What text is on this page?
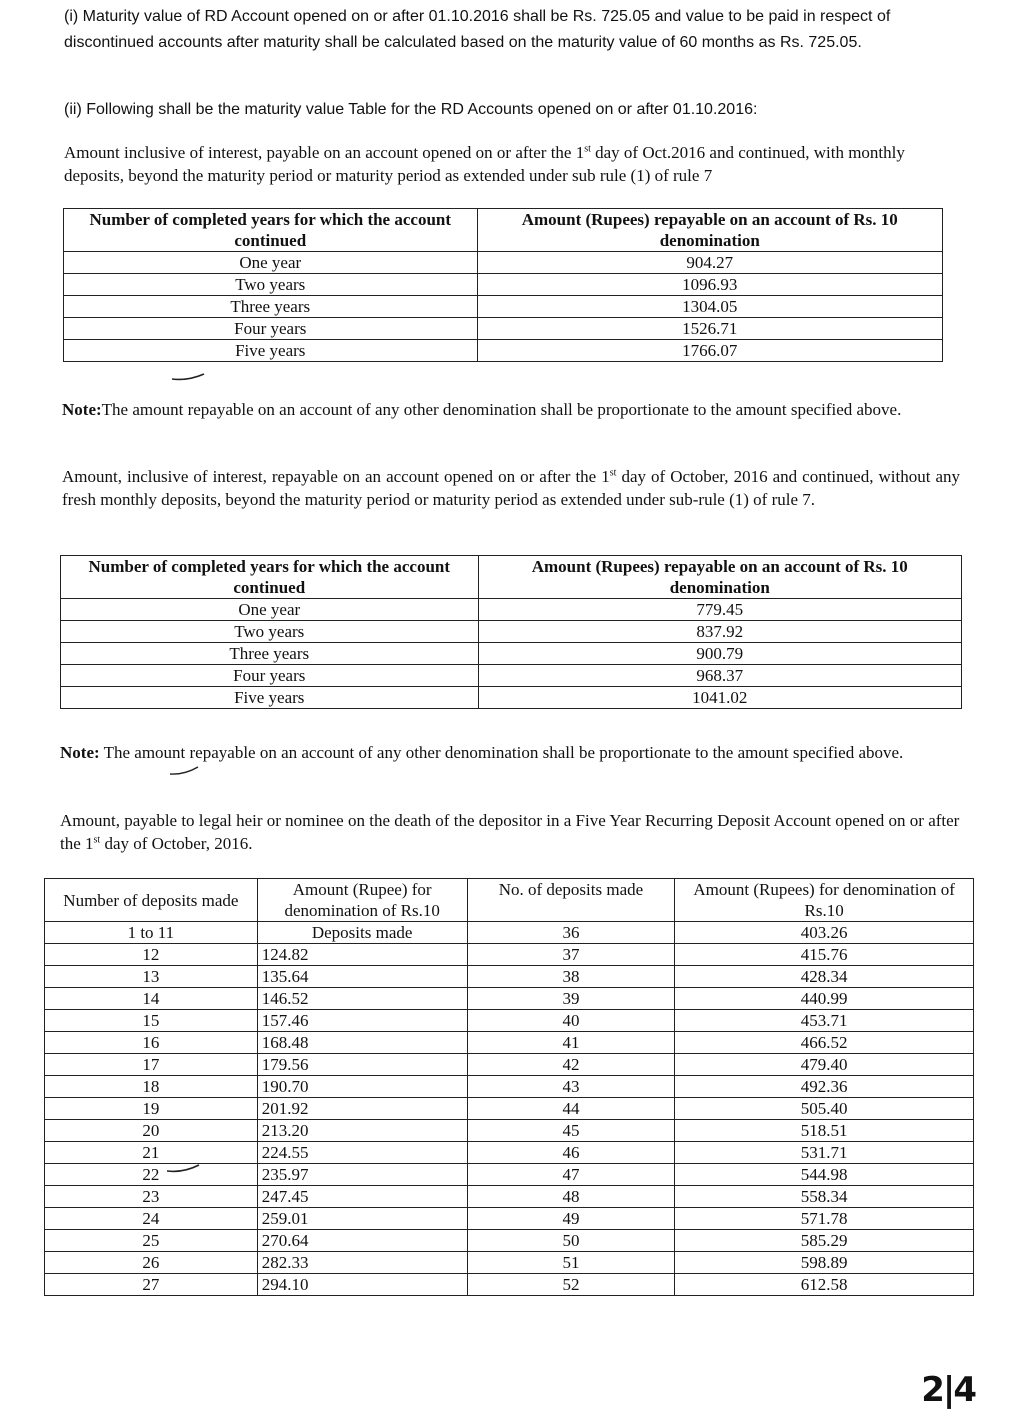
(i) Maturity value of RD Account opened on or after 01.10.2016 shall be Rs. 725.05 and value to be paid in respect of discontinued accounts after maturity shall be calculated based on the maturity value of 60 months as Rs. 725.05.

(ii) Following shall be the maturity value Table for the RD Accounts opened on or after 01.10.2016:

Amount inclusive of interest, payable on an account opened on or after the 1st day of Oct.2016 and continued, with monthly deposits, beyond the maturity period or maturity period as extended under sub rule (1) of rule 7

Number of completed years for which the account continued	Amount (Rupees) repayable on an account of Rs. 10 denomination
One year	904.27
Two years	1096.93
Three years	1304.05
Four years	1526.71
Five years	1766.07

Note:The amount repayable on an account of any other denomination shall be proportionate to the amount specified above.

Amount, inclusive of interest, repayable on an account opened on or after the 1st day of October, 2016 and continued, without any fresh monthly deposits, beyond the maturity period or maturity period as extended under sub-rule (1) of rule 7.

Number of completed years for which the account continued	Amount (Rupees) repayable on an account of Rs. 10 denomination
One year	779.45
Two years	837.92
Three years	900.79
Four years	968.37
Five years	1041.02

Note: The amount repayable on an account of any other denomination shall be proportionate to the amount specified above.

Amount, payable to legal heir or nominee on the death of the depositor in a Five Year Recurring Deposit Account opened on or after the 1st day of October, 2016.

Number of deposits made	Amount (Rupee) for denomination of Rs.10	No. of deposits made	Amount (Rupees) for denomination of Rs.10
1 to 11	Deposits made	36	403.26
12	124.82	37	415.76
13	135.64	38	428.34
14	146.52	39	440.99
15	157.46	40	453.71
16	168.48	41	466.52
17	179.56	42	479.40
18	190.70	43	492.36
19	201.92	44	505.40
20	213.20	45	518.51
21	224.55	46	531.71
22	235.97	47	544.98
23	247.45	48	558.34
24	259.01	49	571.78
25	270.64	50	585.29
26	282.33	51	598.89
27	294.10	52	612.58
2|4
